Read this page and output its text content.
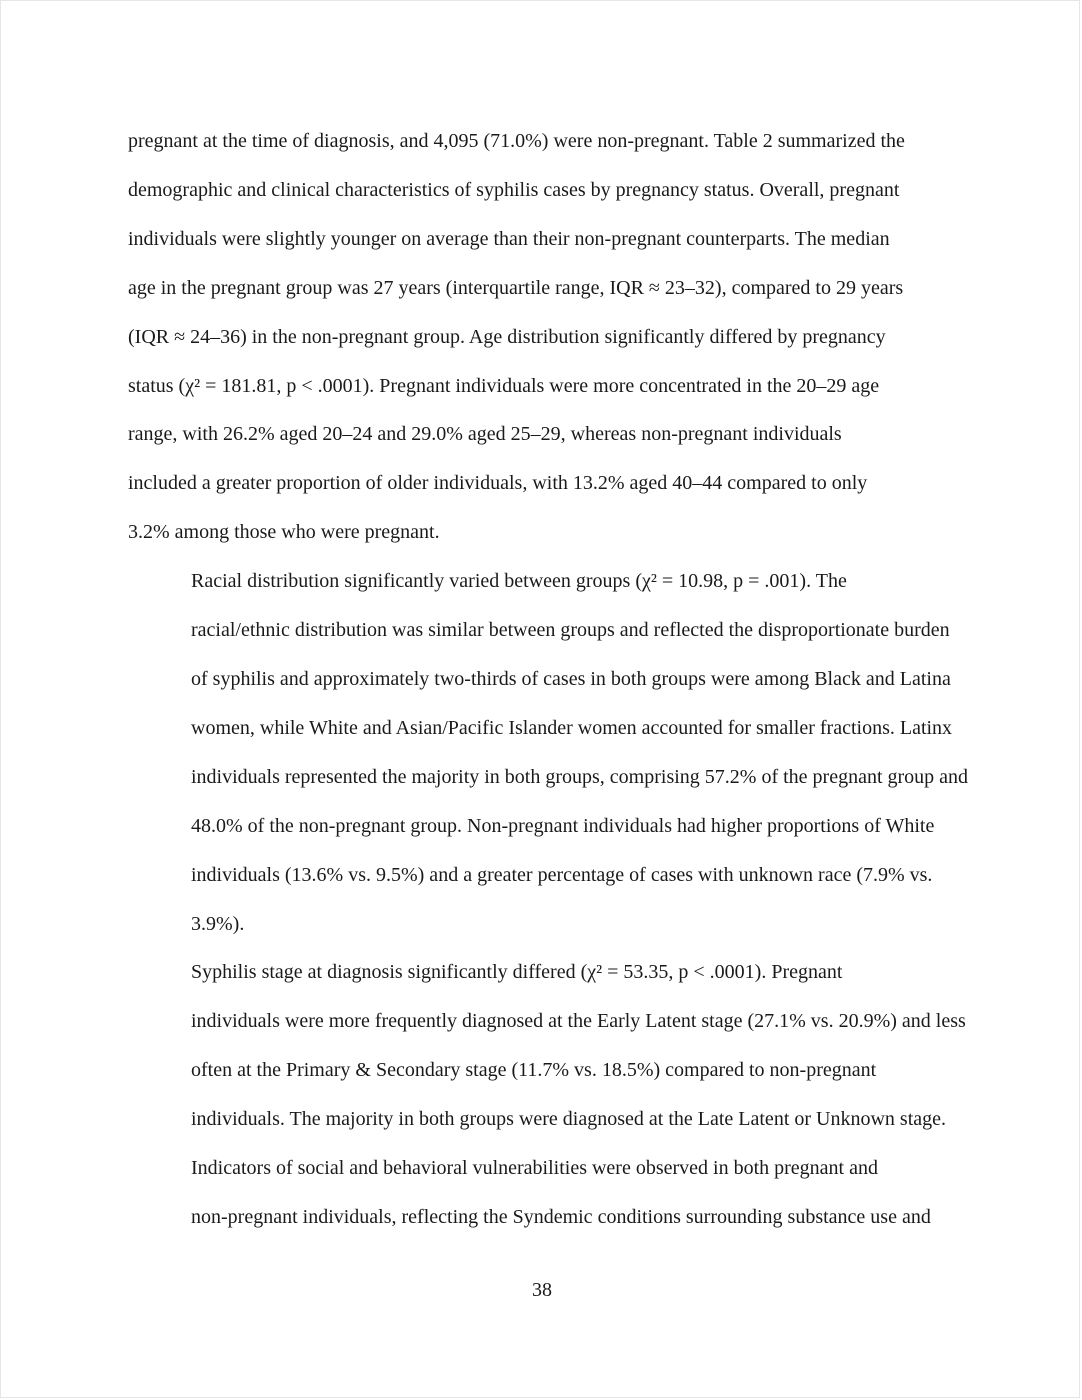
pregnant at the time of diagnosis, and 4,095 (71.0%) were non-pregnant. Table 2 summarized the
demographic and clinical characteristics of syphilis cases by pregnancy status. Overall, pregnant
individuals were slightly younger on average than their non-pregnant counterparts. The median
age in the pregnant group was 27 years (interquartile range, IQR ≈ 23–32), compared to 29 years
(IQR ≈ 24–36) in the non-pregnant group. Age distribution significantly differed by pregnancy
status (χ² = 181.81, p < .0001). Pregnant individuals were more concentrated in the 20–29 age
range, with 26.2% aged 20–24 and 29.0% aged 25–29, whereas non-pregnant individuals
included a greater proportion of older individuals, with 13.2% aged 40–44 compared to only
3.2% among those who were pregnant.

Racial distribution significantly varied between groups (χ² = 10.98, p = .001). The
racial/ethnic distribution was similar between groups and reflected the disproportionate burden
of syphilis and approximately two-thirds of cases in both groups were among Black and Latina
women, while White and Asian/Pacific Islander women accounted for smaller fractions. Latinx
individuals represented the majority in both groups, comprising 57.2% of the pregnant group and
48.0% of the non-pregnant group. Non-pregnant individuals had higher proportions of White
individuals (13.6% vs. 9.5%) and a greater percentage of cases with unknown race (7.9% vs.
3.9%).

Syphilis stage at diagnosis significantly differed (χ² = 53.35, p < .0001). Pregnant
individuals were more frequently diagnosed at the Early Latent stage (27.1% vs. 20.9%) and less
often at the Primary & Secondary stage (11.7% vs. 18.5%) compared to non-pregnant
individuals. The majority in both groups were diagnosed at the Late Latent or Unknown stage.

Indicators of social and behavioral vulnerabilities were observed in both pregnant and
non-pregnant individuals, reflecting the Syndemic conditions surrounding substance use and

38
